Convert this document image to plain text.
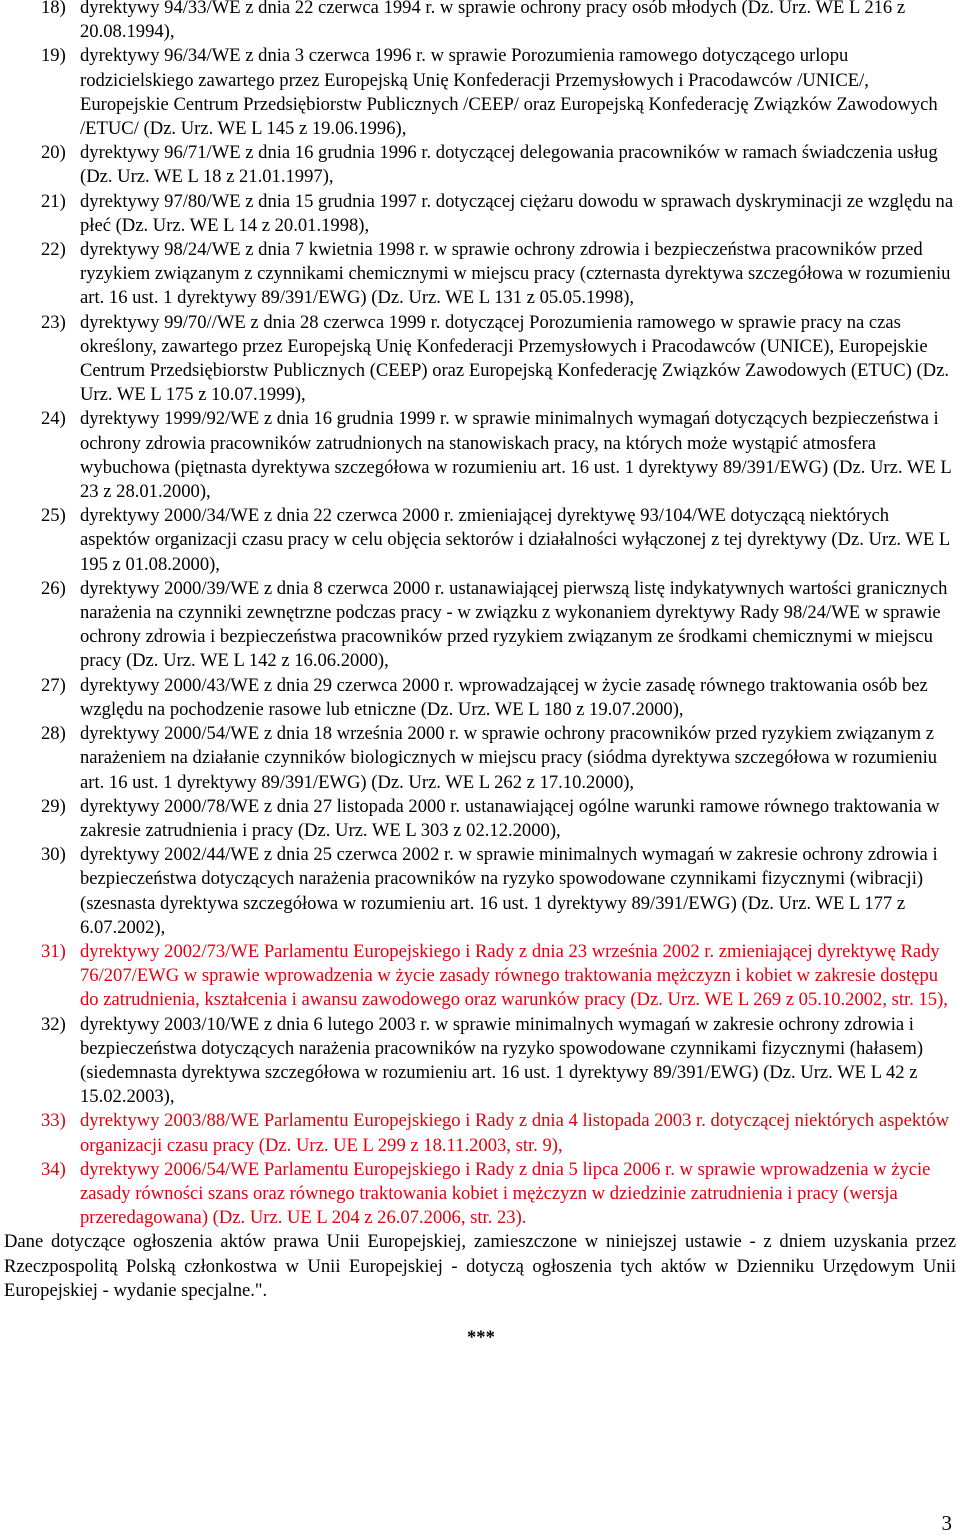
18) dyrektywy 94/33/WE z dnia 22 czerwca 1994 r. w sprawie ochrony pracy osób młodych (Dz. Urz. WE L 216 z 20.08.1994),
19) dyrektywy 96/34/WE z dnia 3 czerwca 1996 r. w sprawie Porozumienia ramowego dotyczącego urlopu rodzicielskiego zawartego przez Europejską Unię Konfederacji Przemysłowych i Pracodawców /UNICE/, Europejskie Centrum Przedsiębiorstw Publicznych /CEEP/ oraz Europejską Konfederację Związków Zawodowych /ETUC/ (Dz. Urz. WE L 145 z 19.06.1996),
20) dyrektywy 96/71/WE z dnia 16 grudnia 1996 r. dotyczącej delegowania pracowników w ramach świadczenia usług (Dz. Urz. WE L 18 z 21.01.1997),
21) dyrektywy 97/80/WE z dnia 15 grudnia 1997 r. dotyczącej ciężaru dowodu w sprawach dyskryminacji ze względu na płeć (Dz. Urz. WE L 14 z 20.01.1998),
22) dyrektywy 98/24/WE z dnia 7 kwietnia 1998 r. w sprawie ochrony zdrowia i bezpieczeństwa pracowników przed ryzykiem związanym z czynnikami chemicznymi w miejscu pracy (czternasta dyrektywa szczegółowa w rozumieniu art. 16 ust. 1 dyrektywy 89/391/EWG) (Dz. Urz. WE L 131 z 05.05.1998),
23) dyrektywy 99/70//WE z dnia 28 czerwca 1999 r. dotyczącej Porozumienia ramowego w sprawie pracy na czas określony, zawartego przez Europejską Unię Konfederacji Przemysłowych i Pracodawców (UNICE), Europejskie Centrum Przedsiębiorstw Publicznych (CEEP) oraz Europejską Konfederację Związków Zawodowych (ETUC) (Dz. Urz. WE L 175 z 10.07.1999),
24) dyrektywy 1999/92/WE z dnia 16 grudnia 1999 r. w sprawie minimalnych wymagań dotyczących bezpieczeństwa i ochrony zdrowia pracowników zatrudnionych na stanowiskach pracy, na których może wystąpić atmosfera wybuchowa (piętnasta dyrektywa szczegółowa w rozumieniu art. 16 ust. 1 dyrektywy 89/391/EWG) (Dz. Urz. WE L 23 z 28.01.2000),
25) dyrektywy 2000/34/WE z dnia 22 czerwca 2000 r. zmieniającej dyrektywę 93/104/WE dotyczącą niektórych aspektów organizacji czasu pracy w celu objęcia sektorów i działalności wyłączonej z tej dyrektywy (Dz. Urz. WE L 195 z 01.08.2000),
26) dyrektywy 2000/39/WE z dnia 8 czerwca 2000 r. ustanawiającej pierwszą listę indykatywnych wartości granicznych narażenia na czynniki zewnętrzne podczas pracy - w związku z wykonaniem dyrektywy Rady 98/24/WE w sprawie ochrony zdrowia i bezpieczeństwa pracowników przed ryzykiem związanym ze środkami chemicznymi w miejscu pracy (Dz. Urz. WE L 142 z 16.06.2000),
27) dyrektywy 2000/43/WE z dnia 29 czerwca 2000 r. wprowadzającej w życie zasadę równego traktowania osób bez względu na pochodzenie rasowe lub etniczne (Dz. Urz. WE L 180 z 19.07.2000),
28) dyrektywy 2000/54/WE z dnia 18 września 2000 r. w sprawie ochrony pracowników przed ryzykiem związanym z narażeniem na działanie czynników biologicznych w miejscu pracy (siódma dyrektywa szczegółowa w rozumieniu art. 16 ust. 1 dyrektywy 89/391/EWG) (Dz. Urz. WE L 262 z 17.10.2000),
29) dyrektywy 2000/78/WE z dnia 27 listopada 2000 r. ustanawiającej ogólne warunki ramowe równego traktowania w zakresie zatrudnienia i pracy (Dz. Urz. WE L 303 z 02.12.2000),
30) dyrektywy 2002/44/WE z dnia 25 czerwca 2002 r. w sprawie minimalnych wymagań w zakresie ochrony zdrowia i bezpieczeństwa dotyczących narażenia pracowników na ryzyko spowodowane czynnikami fizycznymi (wibracji) (szesnasta dyrektywa szczegółowa w rozumieniu art. 16 ust. 1 dyrektywy 89/391/EWG) (Dz. Urz. WE L 177 z 6.07.2002),
31) dyrektywy 2002/73/WE Parlamentu Europejskiego i Rady z dnia 23 września 2002 r. zmieniającej dyrektywę Rady 76/207/EWG w sprawie wprowadzenia w życie zasady równego traktowania mężczyzn i kobiet w zakresie dostępu do zatrudnienia, kształcenia i awansu zawodowego oraz warunków pracy (Dz. Urz. WE L 269 z 05.10.2002, str. 15),
32) dyrektywy 2003/10/WE z dnia 6 lutego 2003 r. w sprawie minimalnych wymagań w zakresie ochrony zdrowia i bezpieczeństwa dotyczących narażenia pracowników na ryzyko spowodowane czynnikami fizycznymi (hałasem) (siedemnasta dyrektywa szczegółowa w rozumieniu art. 16 ust. 1 dyrektywy 89/391/EWG) (Dz. Urz. WE L 42 z 15.02.2003),
33) dyrektywy 2003/88/WE Parlamentu Europejskiego i Rady z dnia 4 listopada 2003 r. dotyczącej niektórych aspektów organizacji czasu pracy (Dz. Urz. UE L 299 z 18.11.2003, str. 9),
34) dyrektywy 2006/54/WE Parlamentu Europejskiego i Rady z dnia 5 lipca 2006 r. w sprawie wprowadzenia w życie zasady równości szans oraz równego traktowania kobiet i mężczyzn w dziedzinie zatrudnienia i pracy (wersja przeredagowana) (Dz. Urz. UE L 204 z 26.07.2006, str. 23).

Dane dotyczące ogłoszenia aktów prawa Unii Europejskiej, zamieszczone w niniejszej ustawie - z dniem uzyskania przez Rzeczpospolitą Polską członkostwa w Unii Europejskiej - dotyczą ogłoszenia tych aktów w Dzienniku Urzędowym Unii Europejskiej - wydanie specjalne.".

***
3
